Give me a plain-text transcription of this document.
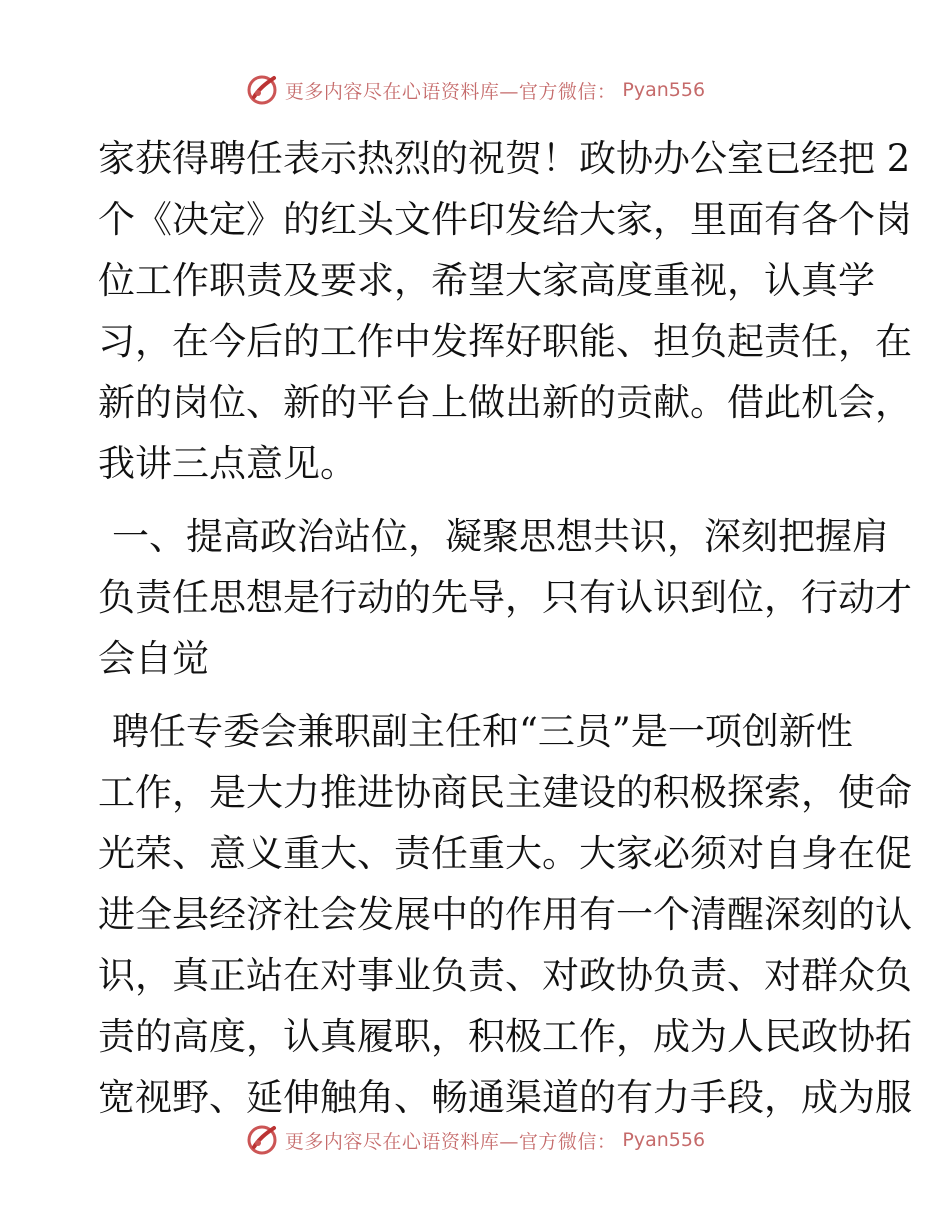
更多内容尽在心语资料库—官方微信： Pyan556
家 获 得 聘 任 表 示 热 烈 的 祝 贺 ！ 政 协 办 公 室 已 经 把
2
个 《 决 定 》 的 红 头 文 件 印 发 给 大 家 ， 里 面 有 各 个 岗
位 工 作 职 责 及 要 求 ， 希 望 大 家 高 度 重 视 ， 认 真 学
习 ， 在 今 后 的 工 作 中 发 挥 好 职 能 、 担 负 起 责 任 ， 在
新 的 岗 位 、 新 的 平 台 上 做 出 新 的 贡 献 。 借 此 机 会 ，
我讲三点意见。
一 、 提 高 政 治 站 位 ， 凝 聚 思 想 共 识 ， 深 刻 把 握 肩
负 责 任 思 想 是 行 动 的 先 导 ， 只 有 认 识 到 位 ， 行 动 才
会自觉
聘 任 专 委 会 兼 职 副 主 任 和 “ 三 员 ” 是 一 项 创 新 性
工 作 ， 是 大 力 推 进 协 商 民 主 建 设 的 积 极 探 索 ， 使 命
光 荣 、 意 义 重 大 、 责 任 重 大 。 大 家 必 须 对 自 身 在 促
进 全 县 经 济 社 会 发 展 中 的 作 用 有 一 个 清 醒 深 刻 的 认
识 ， 真 正 站 在 对 事 业 负 责 、 对 政 协 负 责 、 对 群 众 负
责 的 高 度 ， 认 真 履 职 ， 积 极 工 作 ， 成 为 人 民 政 协 拓
宽 视 野 、 延 伸 触 角 、 畅 通 渠 道 的 有 力 手 段 ， 成 为 服
更多内容尽在心语资料库—官方微信： Pyan556
